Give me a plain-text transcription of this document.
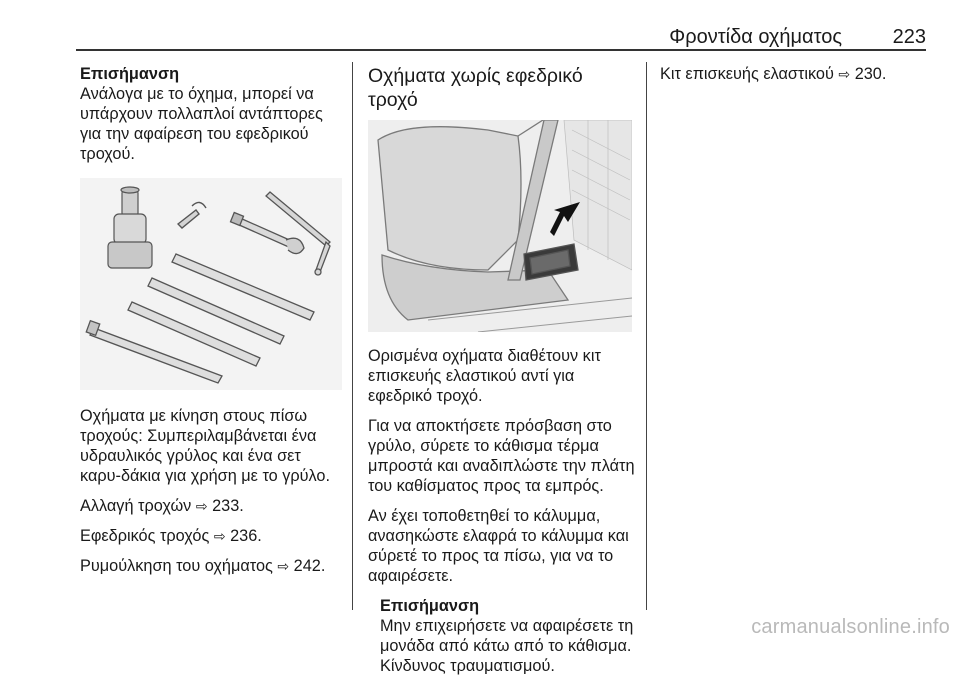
Φροντίδα οχήματος	223
Επισήμανση
Ανάλογα με το όχημα, μπορεί να υπάρχουν πολλαπλοί αντάπτορες για την αφαίρεση του εφεδρικού τροχού.

Οχήματα με κίνηση στους πίσω τροχούς: Συμπεριλαμβάνεται ένα υδραυλικός γρύλος και ένα σετ καρυ-δάκια για χρήση με το γρύλο.

Αλλαγή τροχών ⇨ 233.

Εφεδρικός τροχός ⇨ 236.

Ρυμούλκηση του οχήματος ⇨ 242.

Οχήματα χωρίς εφεδρικό τροχό

Ορισμένα οχήματα διαθέτουν κιτ επισκευής ελαστικού αντί για εφεδρικό τροχό.

Για να αποκτήσετε πρόσβαση στο γρύλο, σύρετε το κάθισμα τέρμα μπροστά και αναδιπλώστε την πλάτη του καθίσματος προς τα εμπρός.

Αν έχει τοποθετηθεί το κάλυμμα, ανασηκώστε ελαφρά το κάλυμμα και σύρετέ το προς τα πίσω, για να το αφαιρέσετε.

Επισήμανση
Μην επιχειρήσετε να αφαιρέσετε τη μονάδα από κάτω από το κάθισμα. Κίνδυνος τραυματισμού.

Κιτ επισκευής ελαστικού ⇨ 230.

carmanualsonline.info
